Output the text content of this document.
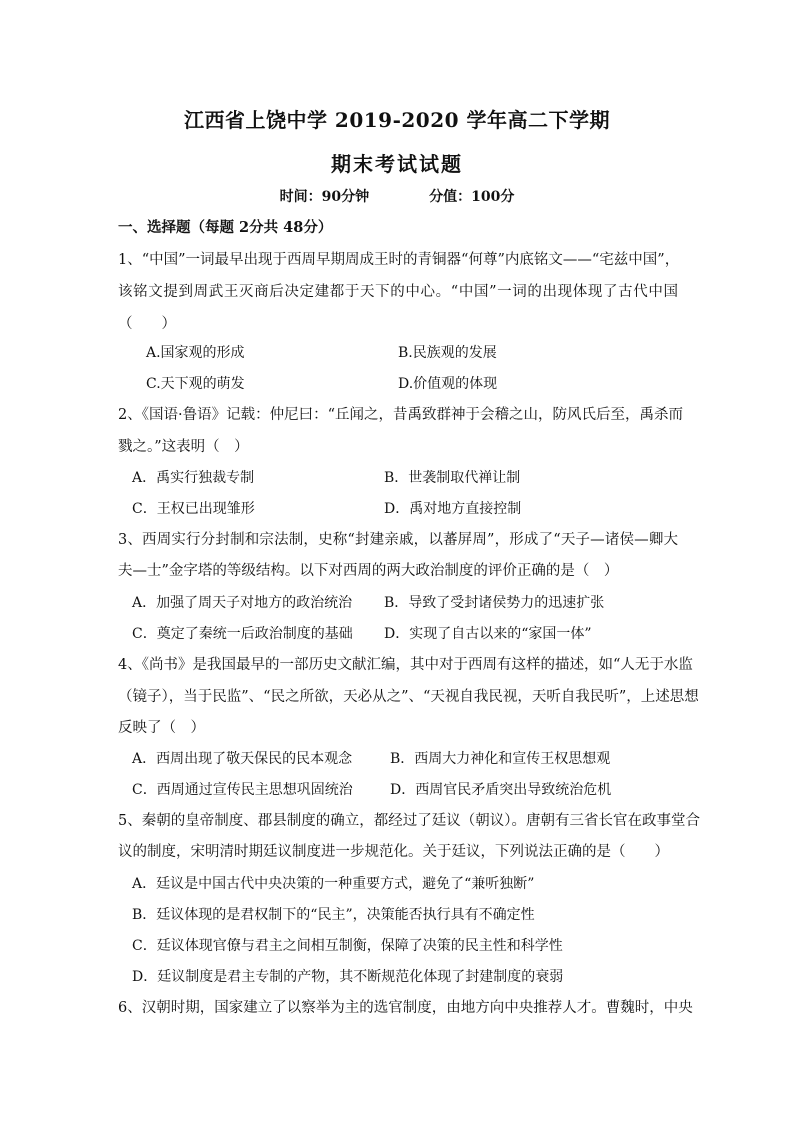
江西省上饶中学 2019-2020 学年高二下学期
期末考试试题
时间：90分钟	分值：100分
一、选择题（每题 2分共 48分）
1、“中国”一词最早出现于西周早期周成王时的青铜器“何尊”内底铭文——“宅兹中国”，
该铭文提到周武王灭商后决定建都于天下的中心。“中国”一词的出现体现了古代中国
（　　）
A.国家观的形成	B.民族观的发展
C.天下观的萌发	D.价值观的体现
2、《国语·鲁语》记载：仲尼曰：“丘闻之，昔禹致群神于会稽之山，防风氏后至，禹杀而
戮之。”这表明（　）
A．禹实行独裁专制	B．世袭制取代禅让制
C．王权已出现雏形	D．禹对地方直接控制
3、西周实行分封制和宗法制，史称“封建亲戚，以蕃屏周”，形成了“天子—诸侯—卿大
夫—士”金字塔的等级结构。以下对西周的两大政治制度的评价正确的是（　）
A．加强了周天子对地方的政治统治 B．导致了受封诸侯势力的迅速扩张
C．奠定了秦统一后政治制度的基础 D．实现了自古以来的“家国一体”
4、《尚书》是我国最早的一部历史文献汇编，其中对于西周有这样的描述，如“人无于水监
（镜子），当于民监”、“民之所欲，天必从之”、“天视自我民视，天听自我民听”，上述思想
反映了（　）
A．西周出现了敬天保民的民本观念	B．西周大力神化和宣传王权思想观
C．西周通过宣传民主思想巩固统治	D．西周官民矛盾突出导致统治危机
5、秦朝的皇帝制度、郡县制度的确立，都经过了廷议（朝议）。唐朝有三省长官在政事堂合
议的制度，宋明清时期廷议制度进一步规范化。关于廷议，下列说法正确的是（　　）
A．廷议是中国古代中央决策的一种重要方式，避免了“兼听独断”
B．廷议体现的是君权制下的“民主”，决策能否执行具有不确定性
C．廷议体现官僚与君主之间相互制衡，保障了决策的民主性和科学性
D．廷议制度是君主专制的产物，其不断规范化体现了封建制度的衰弱
6、汉朝时期，国家建立了以察举为主的选官制度，由地方向中央推荐人才。曹魏时，中央
